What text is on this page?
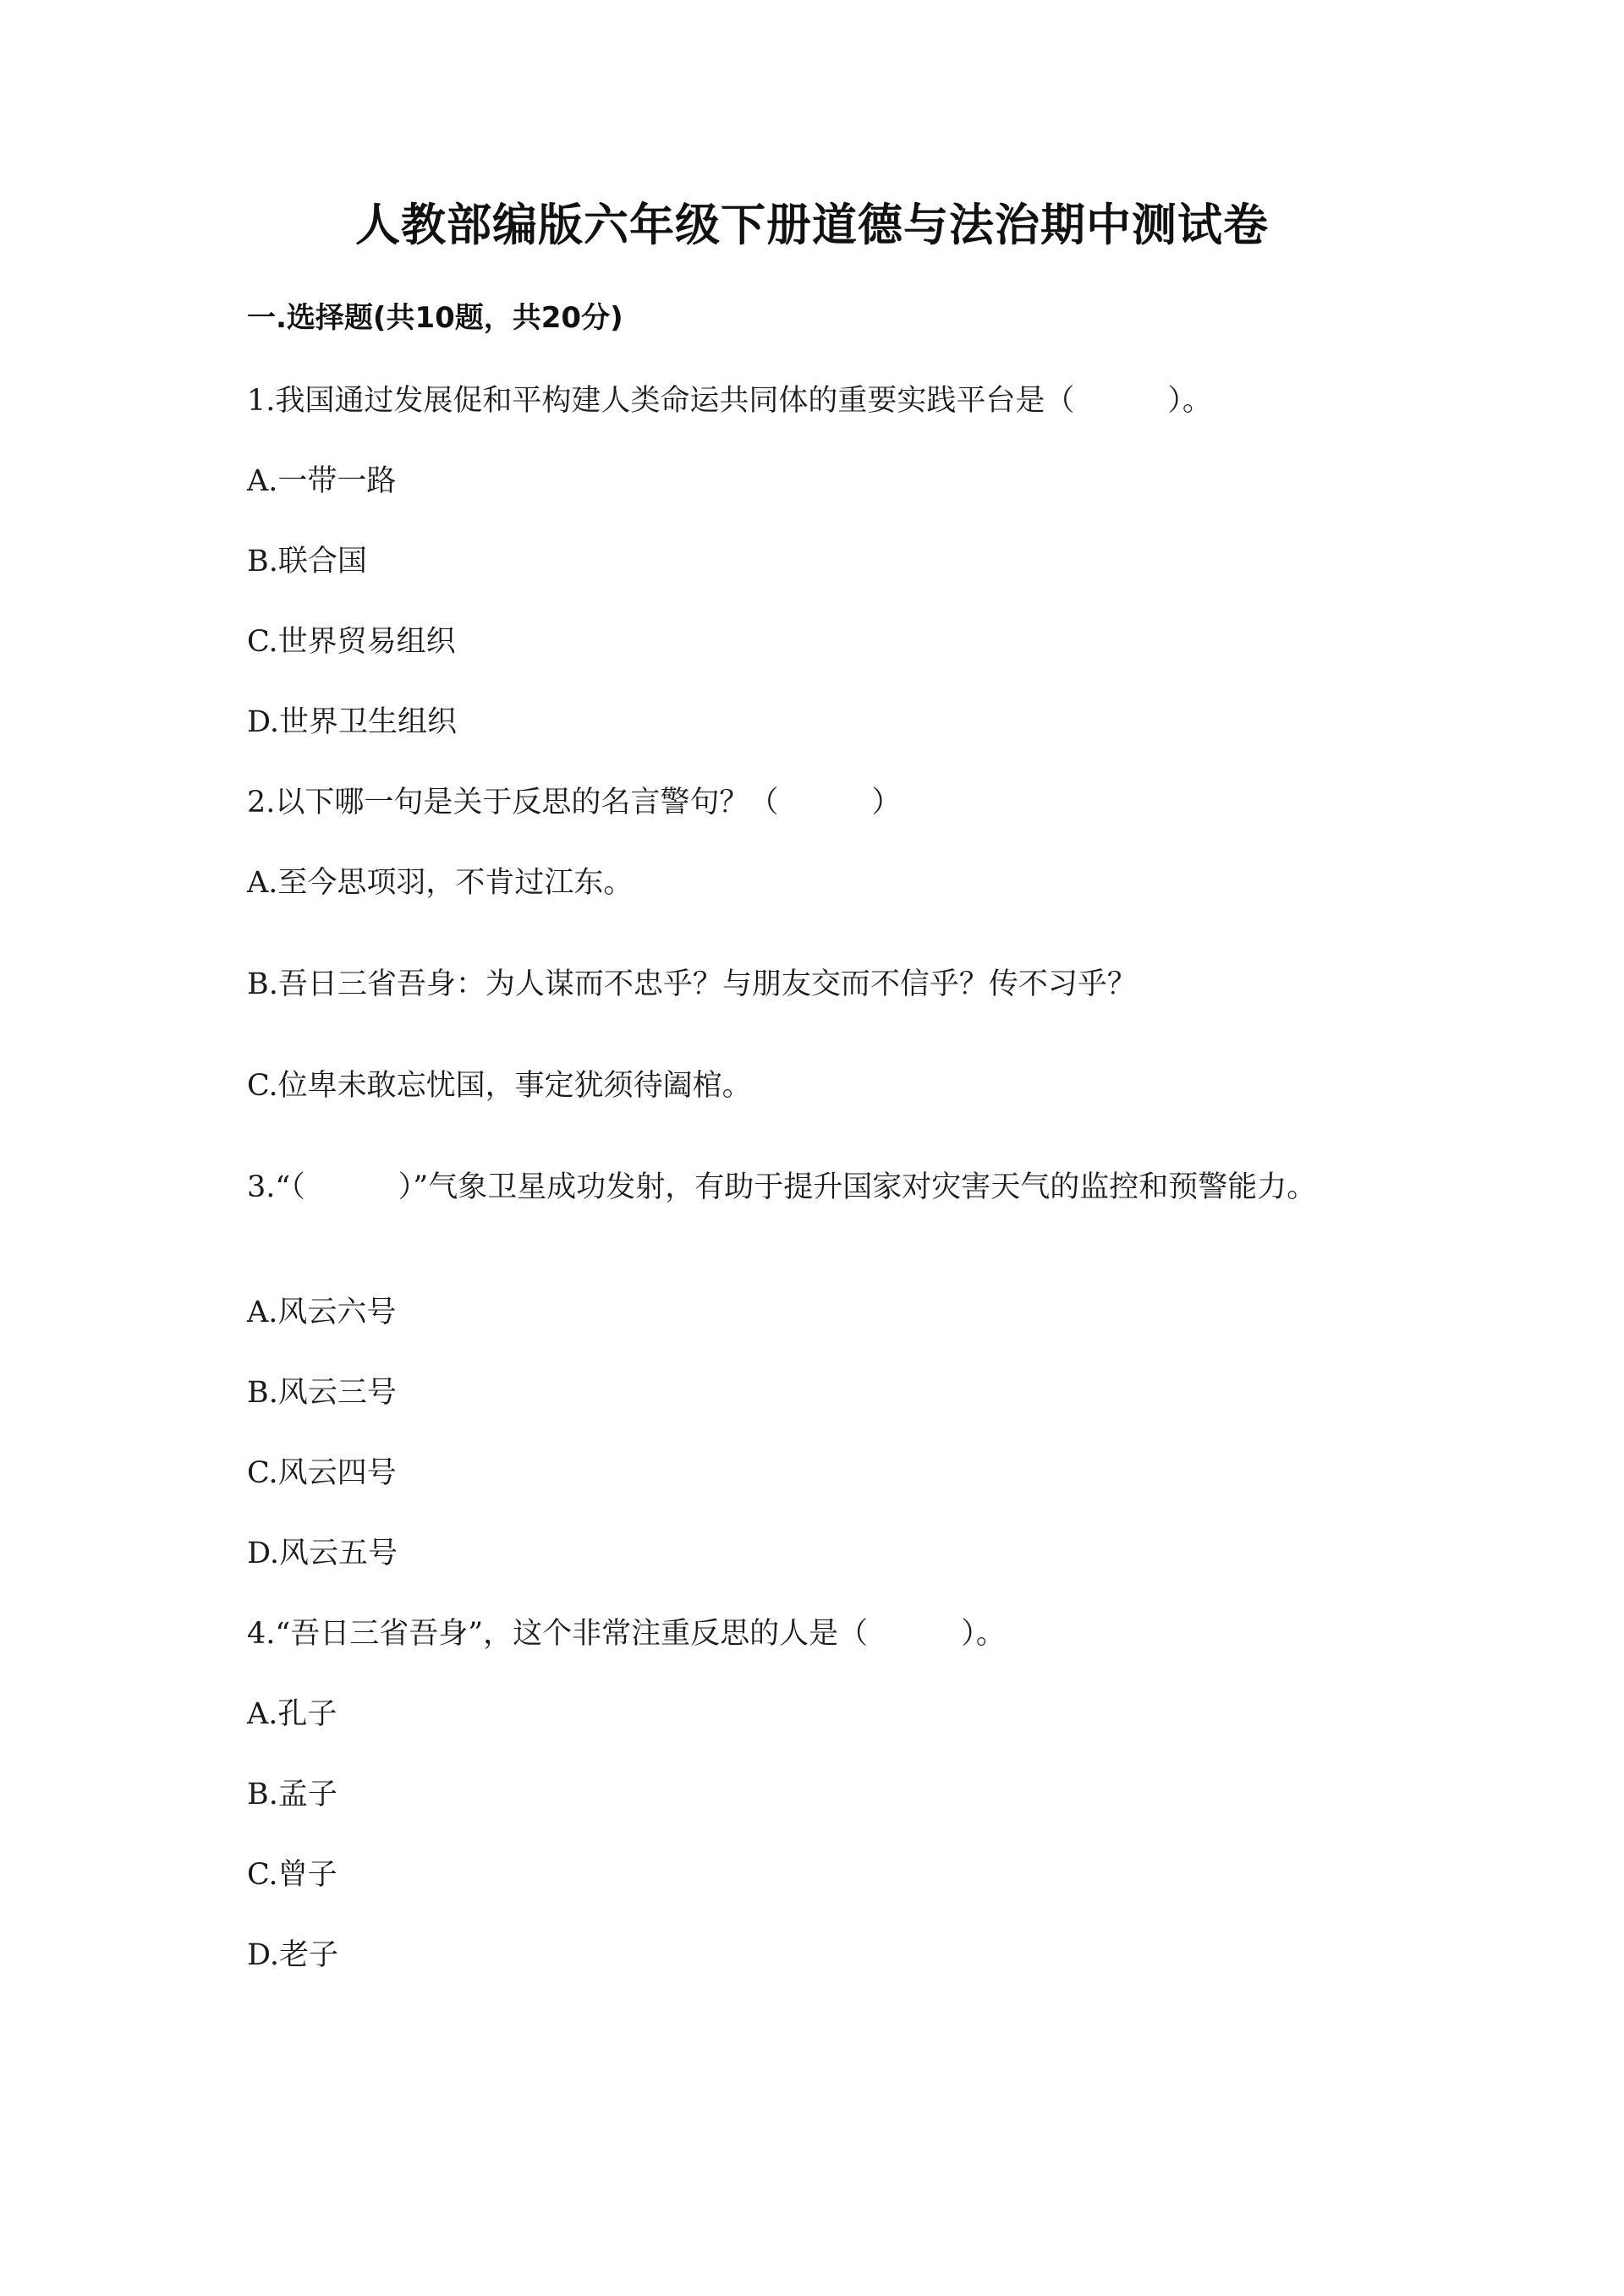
人教部编版六年级下册道德与法治期中测试卷
一.选择题(共10题，共20分)
1.我国通过发展促和平构建人类命运共同体的重要实践平台是（	）。
A.一带一路
B.联合国
C.世界贸易组织
D.世界卫生组织
2.以下哪一句是关于反思的名言警句？（	）
A.至今思项羽，不肯过江东。
B.吾日三省吾身：为人谋而不忠乎？与朋友交而不信乎？传不习乎？
C.位卑未敢忘忧国，事定犹须待阖棺。
3.“（	）”气象卫星成功发射，有助于提升国家对灾害天气的监控和预警能力。
A.风云六号
B.风云三号
C.风云四号
D.风云五号
4.“吾日三省吾身”，这个非常注重反思的人是（	）。
A.孔子
B.孟子
C.曾子
D.老子
